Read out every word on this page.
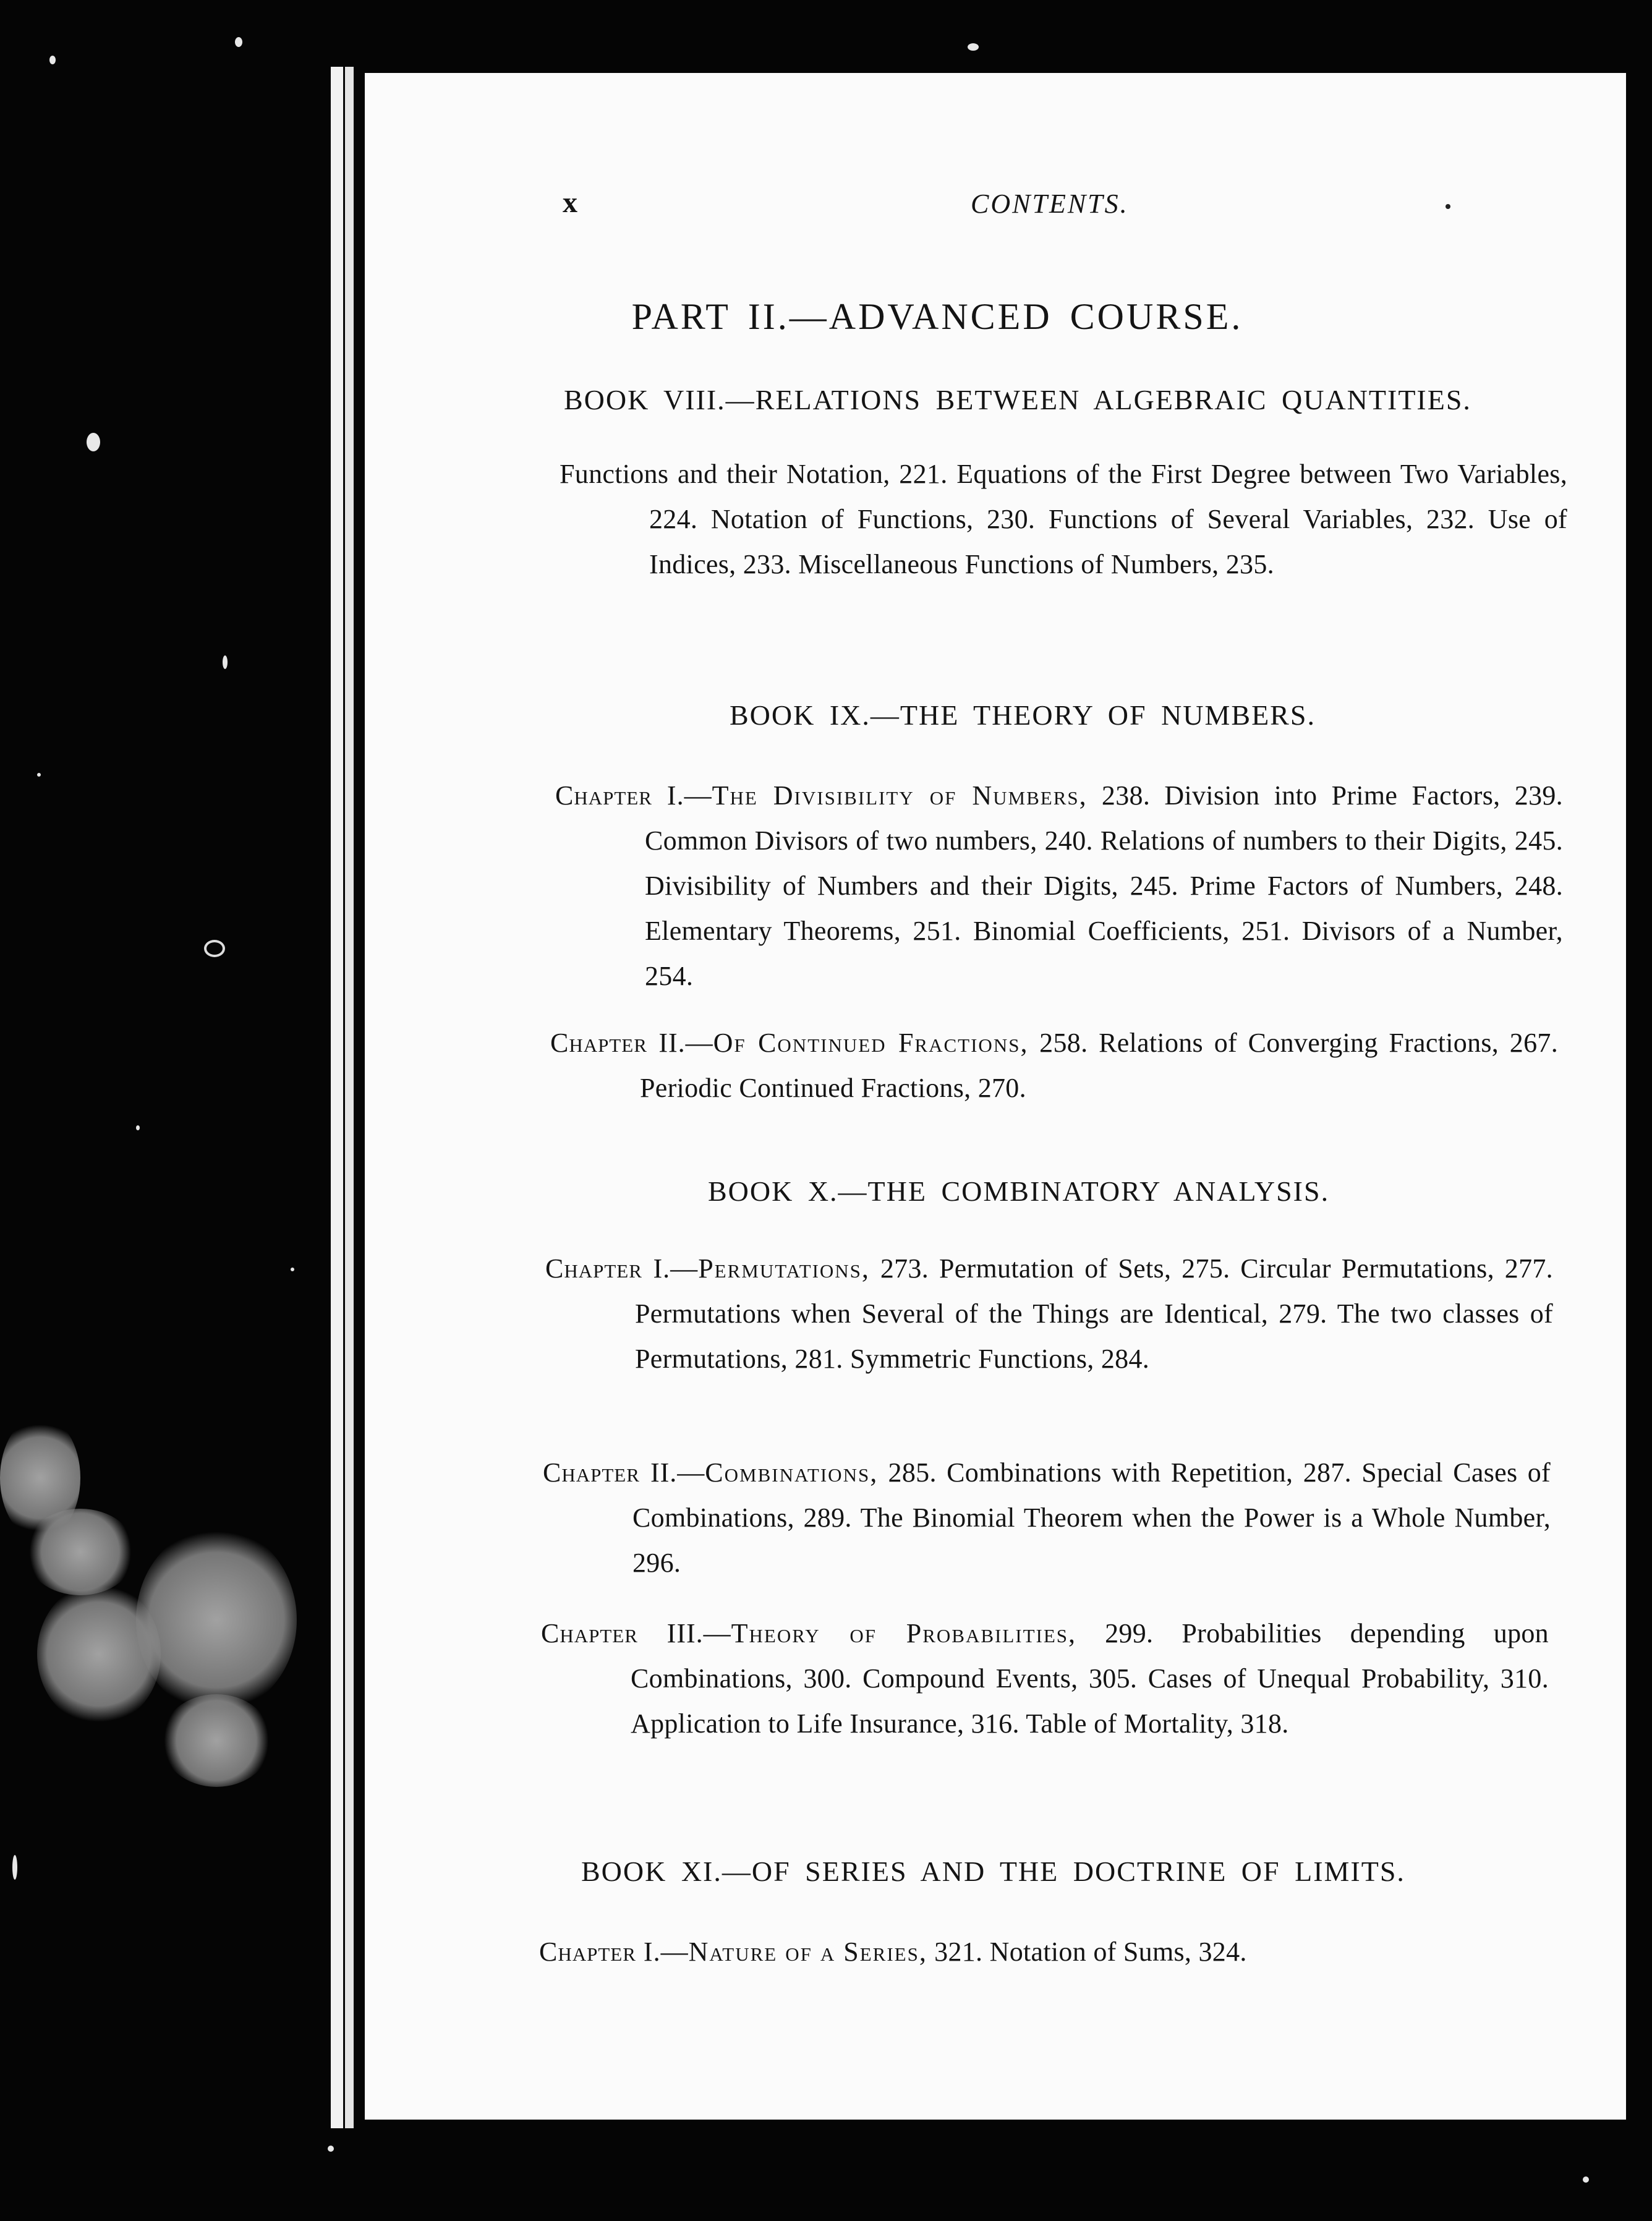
x	CONTENTS.
PART II.—ADVANCED COURSE.
BOOK VIII.—RELATIONS BETWEEN ALGEBRAIC QUANTITIES.
Functions and their Notation, 221. Equations of the First Degree between Two Variables, 224. Notation of Functions, 230. Functions of Several Variables, 232. Use of Indices, 233. Miscellaneous Functions of Numbers, 235.
BOOK IX.—THE THEORY OF NUMBERS.
Chapter I.—The Divisibility of Numbers, 238. Division into Prime Factors, 239. Common Divisors of two numbers, 240. Relations of numbers to their Digits, 245. Divisibility of Numbers and their Digits, 245. Prime Factors of Numbers, 248. Elementary Theorems, 251. Binomial Coefficients, 251. Divisors of a Number, 254.
Chapter II.—Of Continued Fractions, 258. Relations of Converging Fractions, 267. Periodic Continued Fractions, 270.
BOOK X.—THE COMBINATORY ANALYSIS.
Chapter I.—Permutations, 273. Permutation of Sets, 275. Circular Permutations, 277. Permutations when Several of the Things are Identical, 279. The two classes of Permutations, 281. Symmetric Functions, 284.
Chapter II.—Combinations, 285. Combinations with Repetition, 287. Special Cases of Combinations, 289. The Binomial Theorem when the Power is a Whole Number, 296.
Chapter III.—Theory of Probabilities, 299. Probabilities depending upon Combinations, 300. Compound Events, 305. Cases of Unequal Probability, 310. Application to Life Insurance, 316. Table of Mortality, 318.
BOOK XI.—OF SERIES AND THE DOCTRINE OF LIMITS.
Chapter I.—Nature of a Series, 321. Notation of Sums, 324.
